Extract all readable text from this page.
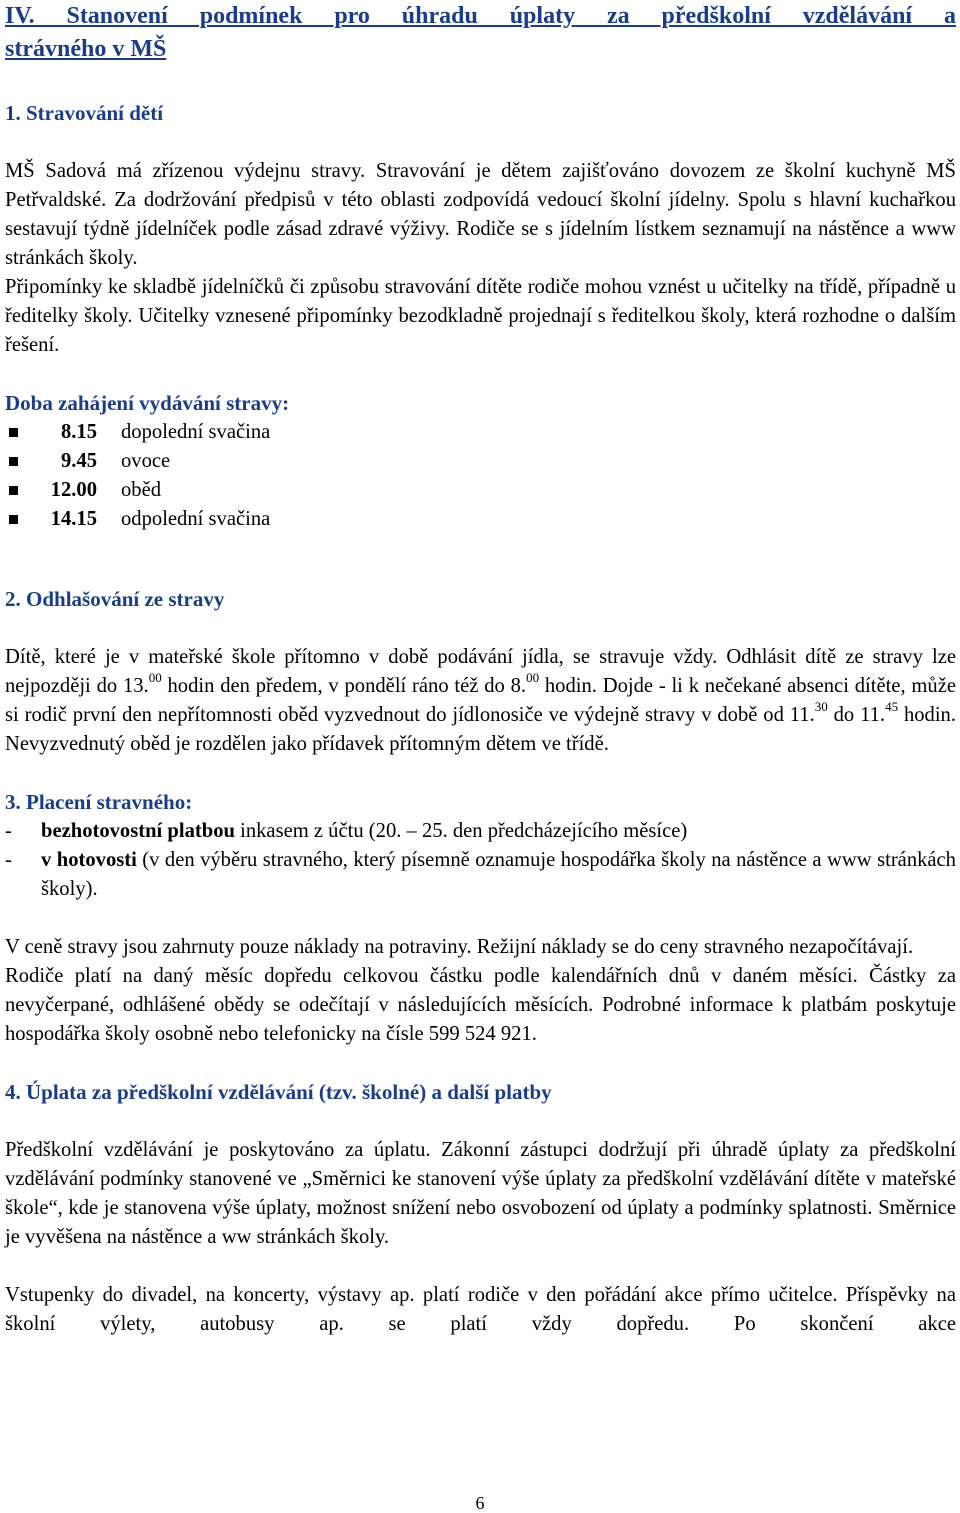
IV. Stanovení podmínek pro úhradu úplaty za předškolní vzdělávání a
strávného v MŠ
1. Stravování dětí

MŠ Sadová má zřízenou výdejnu stravy. Stravování je dětem zajišťováno dovozem ze školní kuchyně MŠ Petřvaldské. Za dodržování předpisů v této oblasti zodpovídá vedoucí školní jídelny. Spolu s hlavní kuchařkou sestavují týdně jídelníček podle zásad zdravé výživy. Rodiče se s jídelním lístkem seznamují na nástěnce a www stránkách školy.

Připomínky ke skladbě jídelníčků či způsobu stravování dítěte rodiče mohou vznést u učitelky na třídě, případně u ředitelky školy. Učitelky vznesené připomínky bezodkladně projednají s ředitelkou školy, která rozhodne o dalším řešení.

Doba zahájení vydávání stravy:
8.15 dopolední svačina
9.45 ovoce
12.00 oběd
14.15 odpolední svačina
2. Odhlašování ze stravy

Dítě, které je v mateřské škole přítomno v době podávání jídla, se stravuje vždy. Odhlásit dítě ze stravy lze nejpozději do 13.00 hodin den předem, v pondělí ráno též do 8.00 hodin. Dojde - li k nečekané absenci dítěte, může si rodič první den nepřítomnosti oběd vyzvednout do jídlonosiče ve výdejně stravy v době od 11.30 do 11.45 hodin. Nevyzvednutý oběd je rozdělen jako přídavek přítomným dětem ve třídě.

3. Placení stravného:
-	bezhotovostní platbou inkasem z účtu (20. – 25. den předcházejícího měsíce)
-	v hotovosti (v den výběru stravného, který písemně oznamuje hospodářka školy na nástěnce a www stránkách školy).

V ceně stravy jsou zahrnuty pouze náklady na potraviny. Režijní náklady se do ceny stravného nezapočítávají.

Rodiče platí na daný měsíc dopředu celkovou částku podle kalendářních dnů v daném měsíci. Částky za nevyčerpané, odhlášené obědy se odečítají v následujících měsících. Podrobné informace k platbám poskytuje hospodářka školy osobně nebo telefonicky na čísle 599 524 921.

4. Úplata za předškolní vzdělávání (tzv. školné) a další platby

Předškolní vzdělávání je poskytováno za úplatu. Zákonní zástupci dodržují při úhradě úplaty za předškolní vzdělávání podmínky stanovené ve „Směrnici ke stanovení výše úplaty za předškolní vzdělávání dítěte v mateřské škole“, kde je stanovena výše úplaty, možnost snížení nebo osvobození od úplaty a podmínky splatnosti. Směrnice je vyvěšena na nástěnce a ww stránkách školy.

Vstupenky do divadel, na koncerty, výstavy ap. platí rodiče v den pořádání akce přímo učitelce. Příspěvky na školní výlety, autobusy ap. se platí vždy dopředu. Po skončení akce

6
